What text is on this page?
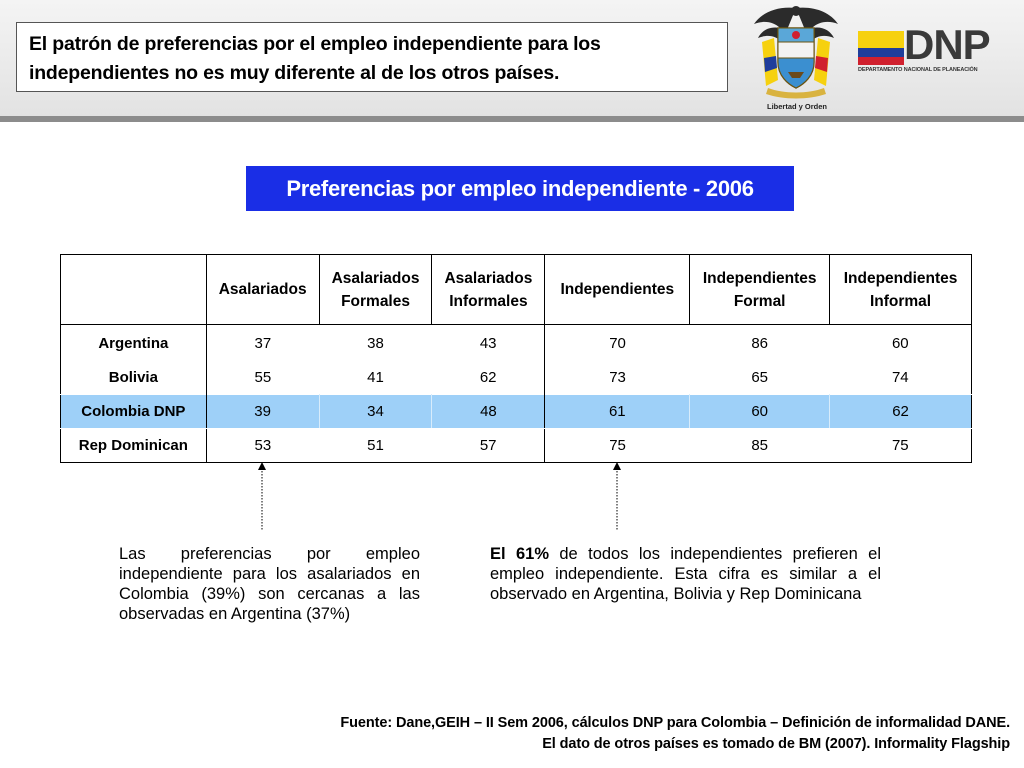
El patrón de preferencias por el empleo independiente para los independientes no es muy diferente al de los otros países.
Libertad y Orden
DNP
DEPARTAMENTO NACIONAL DE PLANEACIÓN
Preferencias por empleo independiente - 2006
	Asalariados	Asalariados Formales	Asalariados Informales	Independientes	Independientes Formal	Independientes Informal
Argentina	37	38	43	70	86	60
Bolivia	55	41	62	73	65	74
Colombia DNP	39	34	48	61	60	62
Rep Dominican	53	51	57	75	85	75
Las preferencias por empleo independiente para los asalariados en Colombia (39%) son cercanas a las observadas en Argentina (37%)
El 61% de todos los independientes prefieren el empleo independiente. Esta cifra es similar a el observado en Argentina, Bolivia y Rep Dominicana
Fuente: Dane,GEIH – II Sem 2006, cálculos DNP para Colombia – Definición de informalidad DANE.
El dato de otros países es tomado de BM (2007). Informality Flagship
